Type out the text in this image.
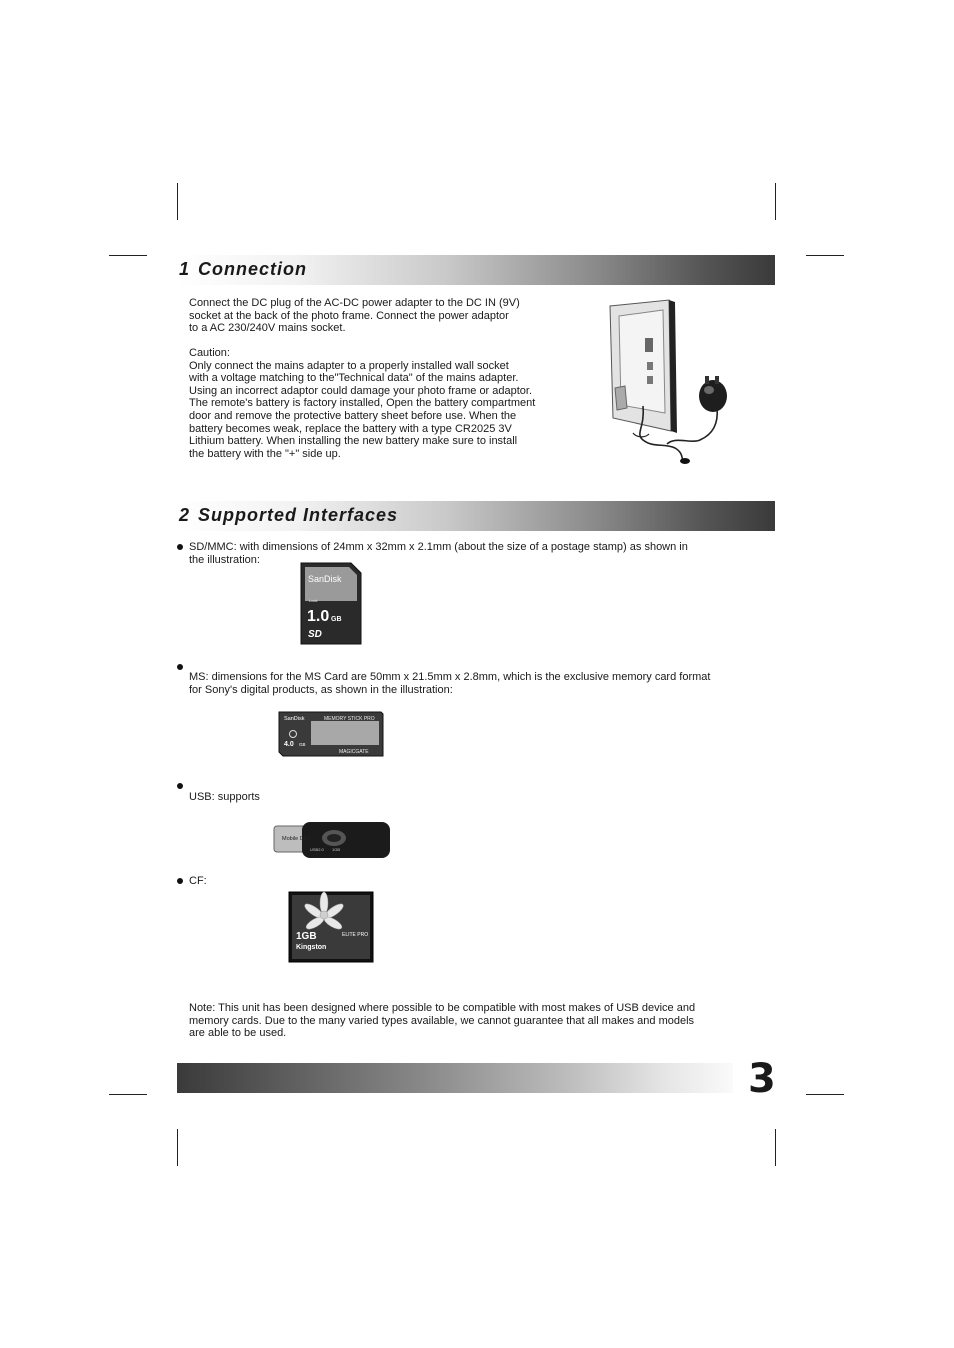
1 Connection

Connect the DC plug of the AC-DC power adapter to the DC IN (9V)
socket at the back of the photo frame. Connect the power adaptor
to a AC 230/240V mains socket.

Caution:
Only connect the mains adapter to a properly installed wall socket
with a voltage matching to the"Technical data" of the mains adapter.
Using an incorrect adaptor could damage your photo frame or adaptor.
The remote's battery is factory installed, Open the battery compartment
door and remove the protective battery sheet before use. When the
battery becomes weak, replace the battery with a type CR2025 3V
Lithium battery. When installing the new battery make sure to install
the battery with the "+" side up.

2 Supported Interfaces

SD/MMC: with dimensions of 24mm x 32mm x 2.1mm (about the size of a postage stamp) as shown in
the illustration:

SanDisk
Lock
1.0 GB
SD

MS: dimensions for the MS Card are 50mm x 21.5mm x 2.8mm, which is the exclusive memory card format
for Sony's digital products, as shown in the illustration:

SanDisk	MEMORY STICK PRO
4.0 GB
MAGICGATE

USB: supports

Mobile Disk
USB2.0 1GB

CF:

1GB	ELITE PRO
Kingston

Note: This unit has been designed where possible to be compatible with most makes of USB device and
memory cards. Due to the many varied types available, we cannot guarantee that all makes and models
are able to be used.

3
